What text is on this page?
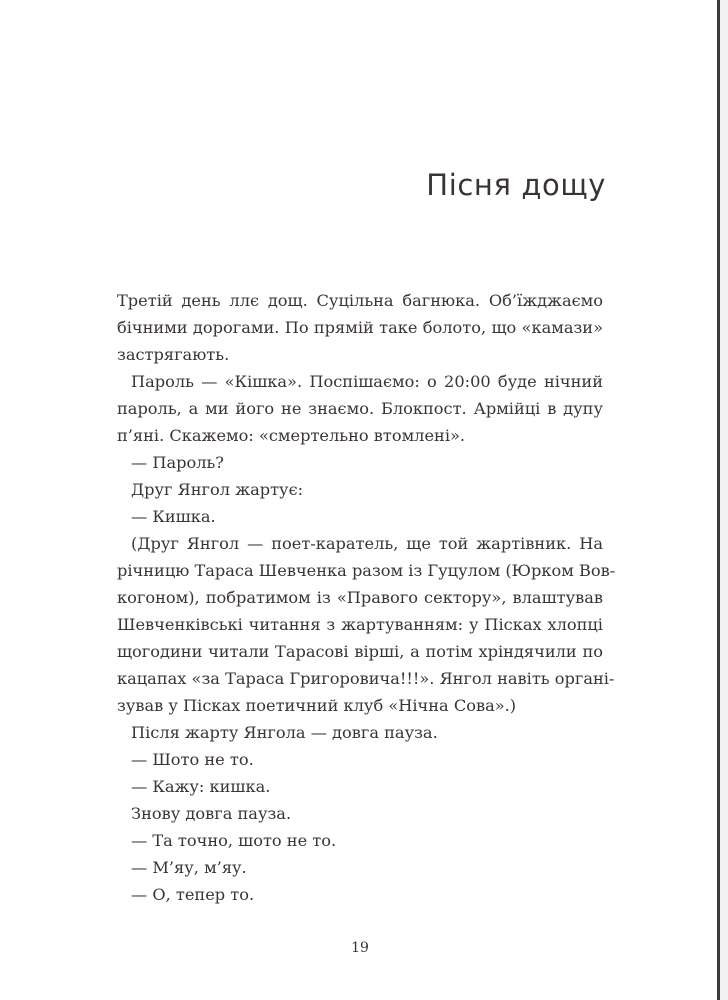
Пісня дощу
Третій день ллє дощ. Суцільна багнюка. Об’їжджаємо
бічними дорогами. По прямій таке болото, що «камази»
застрягають.
Пароль — «Кішка». Поспішаємо: о 20:00 буде нічний
пароль, а ми його не знаємо. Блокпост. Армійці в дупу
п’яні. Скажемо: «смертельно втомлені».
— Пароль?
Друг Янгол жартує:
— Кишка.
(Друг Янгол — поет-каратель, ще той жартівник. На
річницю Тараса Шевченка разом із Гуцулом (Юрком Вов-
когоном), побратимом із «Правого сектору», влаштував
Шевченківські читання з жартуванням: у Пісках хлопці
щогодини читали Тарасові вірші, а потім хріндячили по
кацапах «за Тараса Григоровича!!!». Янгол навіть органі-
зував у Пісках поетичний клуб «Нічна Сова».)
Після жарту Янгола — довга пауза.
— Шото не то.
— Кажу: кишка.
Знову довга пауза.
— Та точно, шото не то.
— М’яу, м’яу.
— О, тепер то.

19
